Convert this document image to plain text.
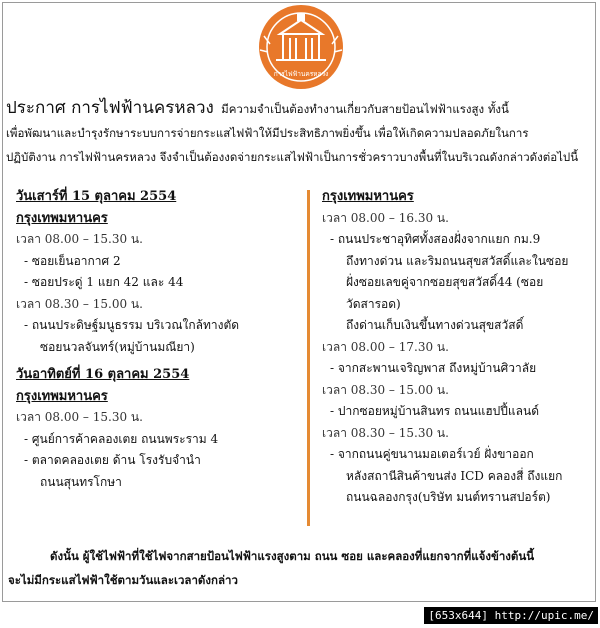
การไฟฟ้านครหลวง
ประกาศ การไฟฟ้านครหลวง มีความจำเป็นต้องทำงานเกี่ยวกับสายป้อนไฟฟ้าแรงสูง ทั้งนี้
เพื่อพัฒนาและบำรุงรักษาระบบการจ่ายกระแสไฟฟ้าให้มีประสิทธิภาพยิ่งขึ้น เพื่อให้เกิดความปลอดภัยในการ
ปฏิบัติงาน การไฟฟ้านครหลวง จึงจำเป็นต้องงดจ่ายกระแสไฟฟ้าเป็นการชั่วคราวบางพื้นที่ในบริเวณดังกล่าวดังต่อไปนี้
วันเสาร์ที่ 15 ตุลาคม 2554
กรุงเทพมหานคร
เวลา 08.00 – 15.30 น.
- ซอยเย็นอากาศ 2
- ซอยประดู่ 1 แยก 42 และ 44
เวลา 08.30 – 15.00 น.
- ถนนประดิษฐ์มนูธรรม บริเวณใกล้ทางตัด
ซอยนวลจันทร์(หมู่บ้านมณียา)
วันอาทิตย์ที่ 16 ตุลาคม 2554
กรุงเทพมหานคร
เวลา 08.00 – 15.30 น.
- ศูนย์การค้าคลองเตย ถนนพระราม 4
- ตลาดคลองเตย ด้าน โรงรับจำนำ
ถนนสุนทรโกษา
กรุงเทพมหานคร
เวลา 08.00 – 16.30 น.
- ถนนประชาอุทิศทั้งสองฝั่งจากแยก กม.9
ถึงทางด่วน และริมถนนสุขสวัสดิ์และในซอย
ฝั่งซอยเลขคู่จากซอยสุขสวัสดิ์44 (ซอยวัดสารอด)
ถึงด่านเก็บเงินขึ้นทางด่วนสุขสวัสดิ์
เวลา 08.00 – 17.30 น.
- จากสะพานเจริญพาส ถึงหมู่บ้านศิวาลัย
เวลา 08.30 – 15.00 น.
- ปากซอยหมู่บ้านสินทร ถนนแฮปปี้แลนด์
เวลา 08.30 – 15.30 น.
- จากถนนคู่ขนานมอเตอร์เวย์ ฝั่งขาออก
หลังสถานีสินค้าขนส่ง ICD คลองสี่ ถึงแยก
ถนนฉลองกรุง(บริษัท มนต์ทรานสปอร์ต)
ดังนั้น ผู้ใช้ไฟฟ้าที่ใช้ไฟจากสายป้อนไฟฟ้าแรงสูงตาม ถนน ซอย และคลองที่แยกจากที่แจ้งข้างต้นนี้
จะไม่มีกระแสไฟฟ้าใช้ตามวันและเวลาดังกล่าว
[653x644] http://upic.me/
